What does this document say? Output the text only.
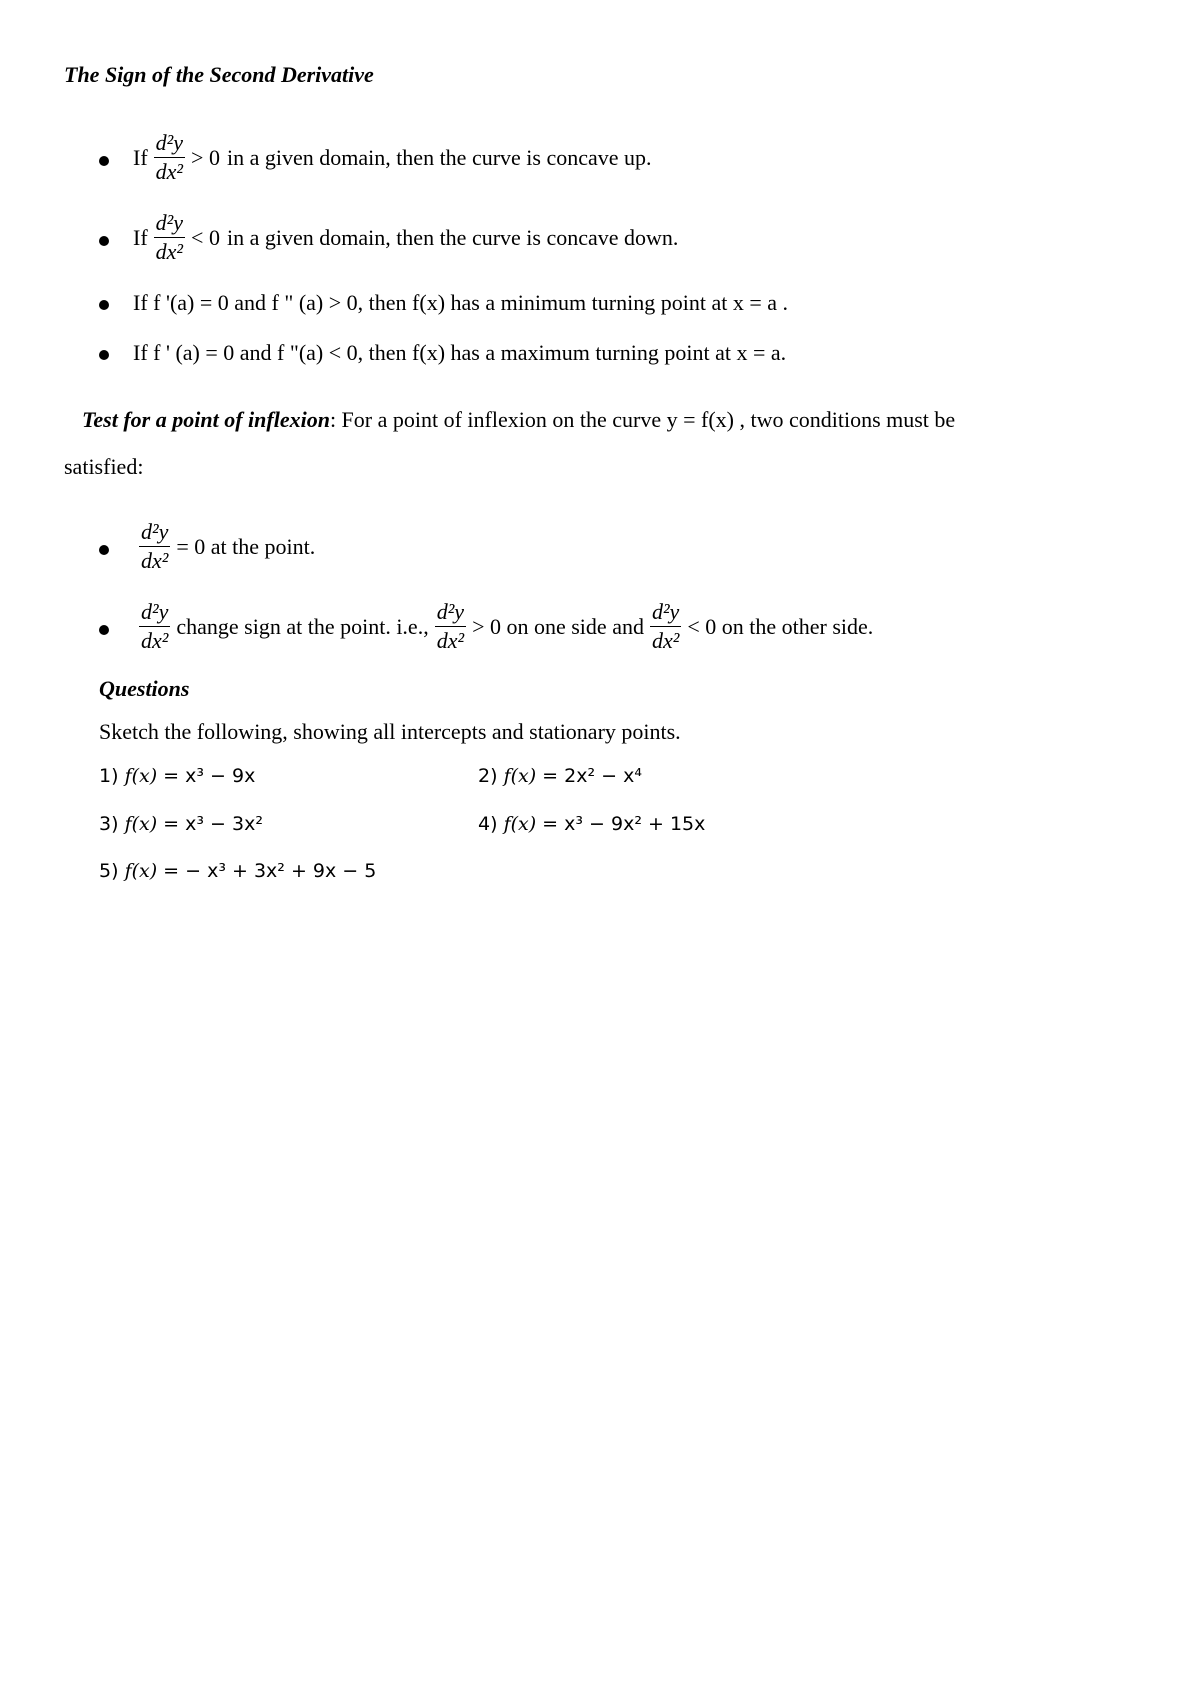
The Sign of the Second Derivative
If $\frac{\text{d²y}}{\text{dx²}} > 0$ in a given domain, then the curve is concave up.
If $\frac{\text{d²y}}{\text{dx²}} < 0$ in a given domain, then the curve is concave down.
If f '(a) = 0 and f " (a) > 0, then f(x) has a minimum turning point at x = a .
If f ' (a) = 0 and f "(a) < 0, then f(x) has a maximum turning point at x = a.
Test for a point of inflexion: For a point of inflexion on the curve y = f(x) , two conditions must be
satisfied:
$\frac{\text{d²y}}{\text{dx²}} = 0$ at the point.
$\frac{\text{d²y}}{\text{dx²}}$ change sign at the point. i.e., $\frac{\text{d²y}}{\text{dx²}} > 0$ on one side and $\frac{\text{d²y}}{\text{dx²}} < 0$ on the other side.
Questions
Sketch the following, showing all intercepts and stationary points.
1) f(x) = x³ − 9x	2) f(x) = 2x² − x⁴
3) f(x) = x³ − 3x²	4) f(x) = x³ − 9x² + 15x
5) f(x) = − x³ + 3x² + 9x − 5
